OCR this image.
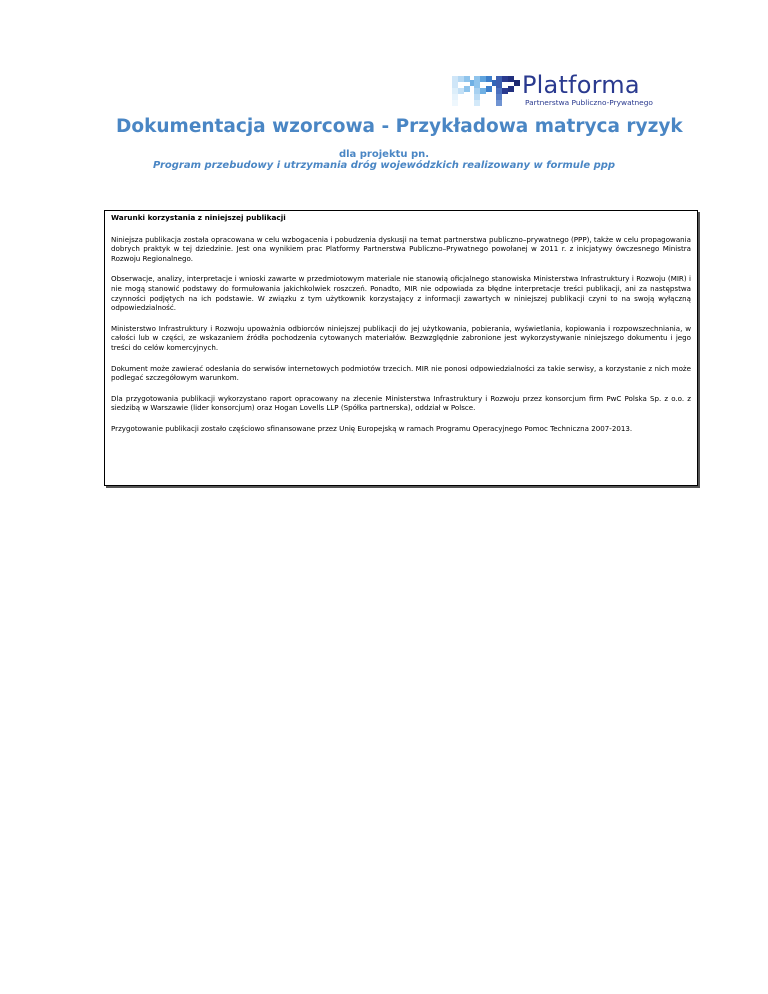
Platforma
Partnerstwa Publiczno-Prywatnego
Dokumentacja wzorcowa - Przykładowa matryca ryzyk
dla projektu pn.
Program przebudowy i utrzymania dróg wojewódzkich realizowany w formule ppp

Warunki korzystania z niniejszej publikacji

Niniejsza publikacja została opracowana w celu wzbogacenia i pobudzenia dyskusji na temat partnerstwa publiczno–prywatnego (PPP), także w celu propagowania dobrych praktyk w tej dziedzinie. Jest ona wynikiem prac Platformy Partnerstwa Publiczno–Prywatnego powołanej w 2011 r. z inicjatywy ówczesnego Ministra Rozwoju Regionalnego.

Obserwacje, analizy, interpretacje i wnioski zawarte w przedmiotowym materiale nie stanowią oficjalnego stanowiska Ministerstwa Infrastruktury i Rozwoju (MIR) i nie mogą stanowić podstawy do formułowania jakichkolwiek roszczeń. Ponadto, MIR nie odpowiada za błędne interpretacje treści publikacji, ani za następstwa czynności podjętych na ich podstawie. W związku z tym użytkownik korzystający z informacji zawartych w niniejszej publikacji czyni to na swoją wyłączną odpowiedzialność.

Ministerstwo Infrastruktury i Rozwoju upoważnia odbiorców niniejszej publikacji do jej użytkowania, pobierania, wyświetlania, kopiowania i rozpowszechniania, w całości lub w części, ze wskazaniem źródła pochodzenia cytowanych materiałów. Bezwzględnie zabronione jest wykorzystywanie niniejszego dokumentu i jego treści do celów komercyjnych.

Dokument może zawierać odesłania do serwisów internetowych podmiotów trzecich. MIR nie ponosi odpowiedzialności za takie serwisy, a korzystanie z nich może podlegać szczegółowym warunkom.

Dla przygotowania publikacji wykorzystano raport opracowany na zlecenie Ministerstwa Infrastruktury i Rozwoju przez konsorcjum firm PwC Polska Sp. z o.o. z siedzibą w Warszawie (lider konsorcjum) oraz Hogan Lovells LLP (Spółka partnerska), oddział w Polsce.

Przygotowanie publikacji zostało częściowo sfinansowane przez Unię Europejską w ramach Programu Operacyjnego Pomoc Techniczna 2007-2013.
